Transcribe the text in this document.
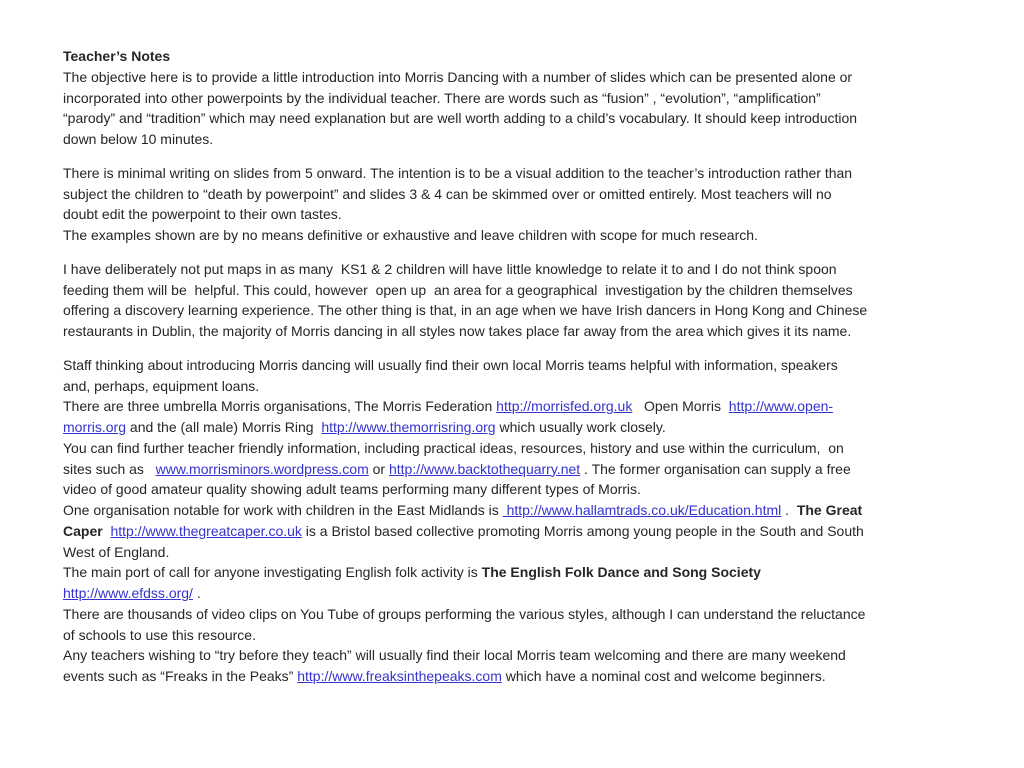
Teacher’s Notes
The objective here is to provide a little introduction into Morris Dancing with a number of slides which can be presented alone or
incorporated into other powerpoints by the individual teacher. There are words such as “fusion” , “evolution”, “amplification”
“parody” and “tradition” which may need explanation but are well worth adding to a child’s vocabulary. It should keep introduction
down below 10 minutes.
There is minimal writing on slides from 5 onward. The intention is to be a visual addition to the teacher’s introduction rather than
subject the children to “death by powerpoint” and slides 3 & 4 can be skimmed over or omitted entirely. Most teachers will no
doubt edit the powerpoint to their own tastes.
The examples shown are by no means definitive or exhaustive and leave children with scope for much research.
I have deliberately not put maps in as many  KS1 & 2 children will have little knowledge to relate it to and I do not think spoon
feeding them will be  helpful. This could, however  open up  an area for a geographical  investigation by the children themselves
offering a discovery learning experience. The other thing is that, in an age when we have Irish dancers in Hong Kong and Chinese
restaurants in Dublin, the majority of Morris dancing in all styles now takes place far away from the area which gives it its name.
Staff thinking about introducing Morris dancing will usually find their own local Morris teams helpful with information, speakers
and, perhaps, equipment loans.
There are three umbrella Morris organisations, The Morris Federation http://morrisfed.org.uk   Open Morris  http://www.open-
morris.org and the (all male) Morris Ring  http://www.themorrisring.org which usually work closely.
You can find further teacher friendly information, including practical ideas, resources, history and use within the curriculum,  on
sites such as   www.morrisminors.wordpress.com or http://www.backtothequarry.net . The former organisation can supply a free
video of good amateur quality showing adult teams performing many different types of Morris.
One organisation notable for work with children in the East Midlands is  http://www.hallamtrads.co.uk/Education.html .  The Great
Caper http://www.thegreatcaper.co.uk is a Bristol based collective promoting Morris among young people in the South and South
West of England.
The main port of call for anyone investigating English folk activity is The English Folk Dance and Song Society
http://www.efdss.org/ .
There are thousands of video clips on You Tube of groups performing the various styles, although I can understand the reluctance
of schools to use this resource.
Any teachers wishing to “try before they teach” will usually find their local Morris team welcoming and there are many weekend
events such as “Freaks in the Peaks” http://www.freaksinthepeaks.com which have a nominal cost and welcome beginners.
